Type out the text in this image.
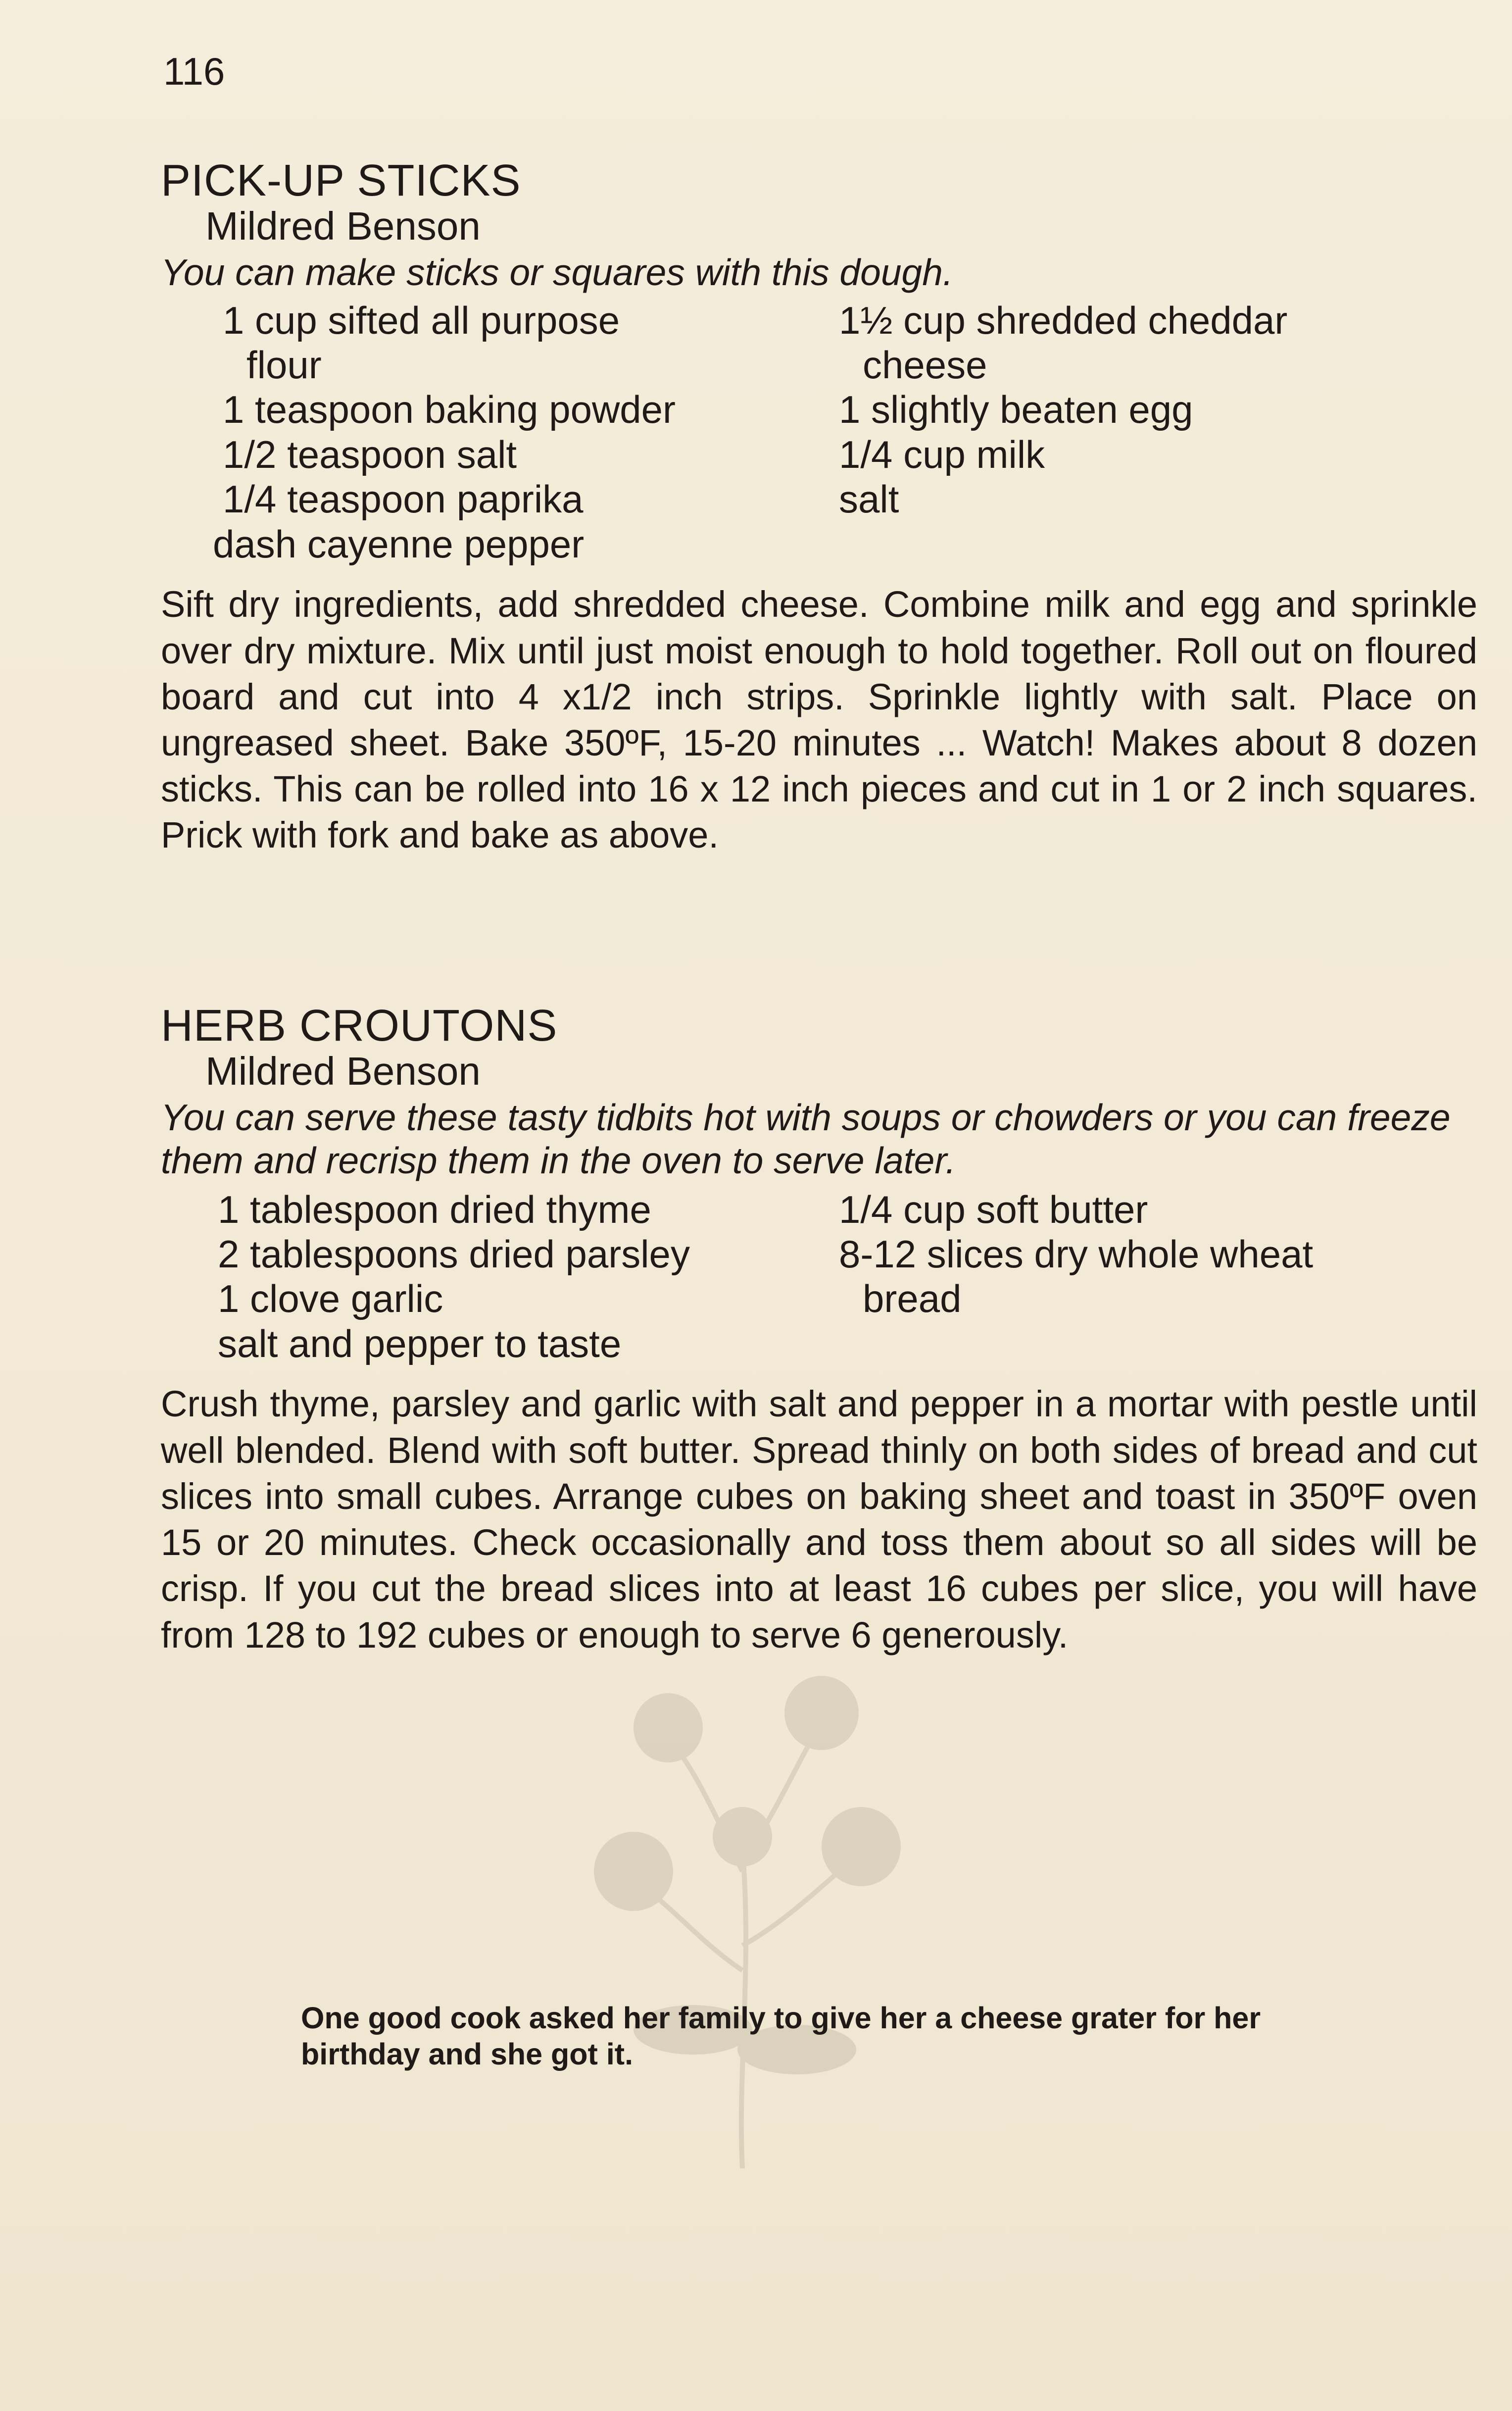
116
PICK-UP STICKS
Mildred Benson
You can make sticks or squares with this dough.

1 cup sifted all purpose

flour

1 teaspoon baking powder

1/2 teaspoon salt

1/4 teaspoon paprika

dash cayenne pepper

1½ cup shredded cheddar

cheese

1 slightly beaten egg

1/4 cup milk

salt

Sift dry ingredients, add shredded cheese. Combine milk and egg and sprinkle over dry mixture. Mix until just moist enough to hold together. Roll out on floured board and cut into 4 x1/2 inch strips. Sprinkle lightly with salt. Place on ungreased sheet. Bake 350ºF, 15-20 minutes ... Watch! Makes about 8 dozen sticks. This can be rolled into 16 x 12 inch pieces and cut in 1 or 2 inch squares. Prick with fork and bake as above.

HERB CROUTONS
Mildred Benson
You can serve these tasty tidbits hot with soups or chowders or you can freeze them and recrisp them in the oven to serve later.

1 tablespoon dried thyme

2 tablespoons dried parsley

1 clove garlic

salt and pepper to taste

1/4 cup soft butter

8-12 slices dry whole wheat

bread

Crush thyme, parsley and garlic with salt and pepper in a mortar with pestle until well blended. Blend with soft butter. Spread thinly on both sides of bread and cut slices into small cubes. Arrange cubes on baking sheet and toast in 350ºF oven 15 or 20 minutes. Check occasionally and toss them about so all sides will be crisp. If you cut the bread slices into at least 16 cubes per slice, you will have from 128 to 192 cubes or enough to serve 6 generously.

One good cook asked her family to give her a cheese grater for her birthday and she got it.
